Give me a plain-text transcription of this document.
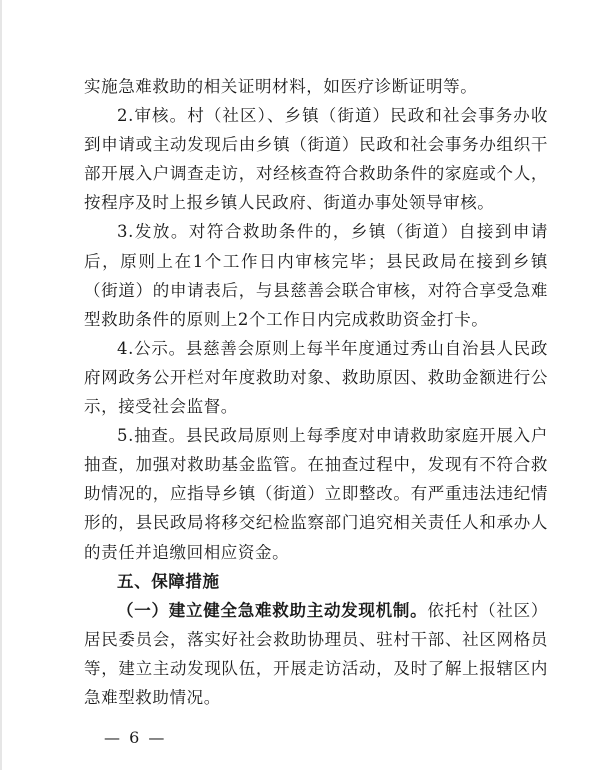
实施急难救助的相关证明材料，如医疗诊断证明等。

2.审核。村（社区）、乡镇（街道）民政和社会事务办收到申请或主动发现后由乡镇（街道）民政和社会事务办组织干部开展入户调查走访，对经核查符合救助条件的家庭或个人，按程序及时上报乡镇人民政府、街道办事处领导审核。

3.发放。对符合救助条件的，乡镇（街道）自接到申请后，原则上在1个工作日内审核完毕；县民政局在接到乡镇（街道）的申请表后，与县慈善会联合审核，对符合享受急难型救助条件的原则上2个工作日内完成救助资金打卡。

4.公示。县慈善会原则上每半年度通过秀山自治县人民政府网政务公开栏对年度救助对象、救助原因、救助金额进行公示，接受社会监督。

5.抽查。县民政局原则上每季度对申请救助家庭开展入户抽查，加强对救助基金监管。在抽查过程中，发现有不符合救助情况的，应指导乡镇（街道）立即整改。有严重违法违纪情形的，县民政局将移交纪检监察部门追究相关责任人和承办人的责任并追缴回相应资金。

五、保障措施

（一）建立健全急难救助主动发现机制。依托村（社区）居民委员会，落实好社会救助协理员、驻村干部、社区网格员等，建立主动发现队伍，开展走访活动，及时了解上报辖区内急难型救助情况。

— 6 —
